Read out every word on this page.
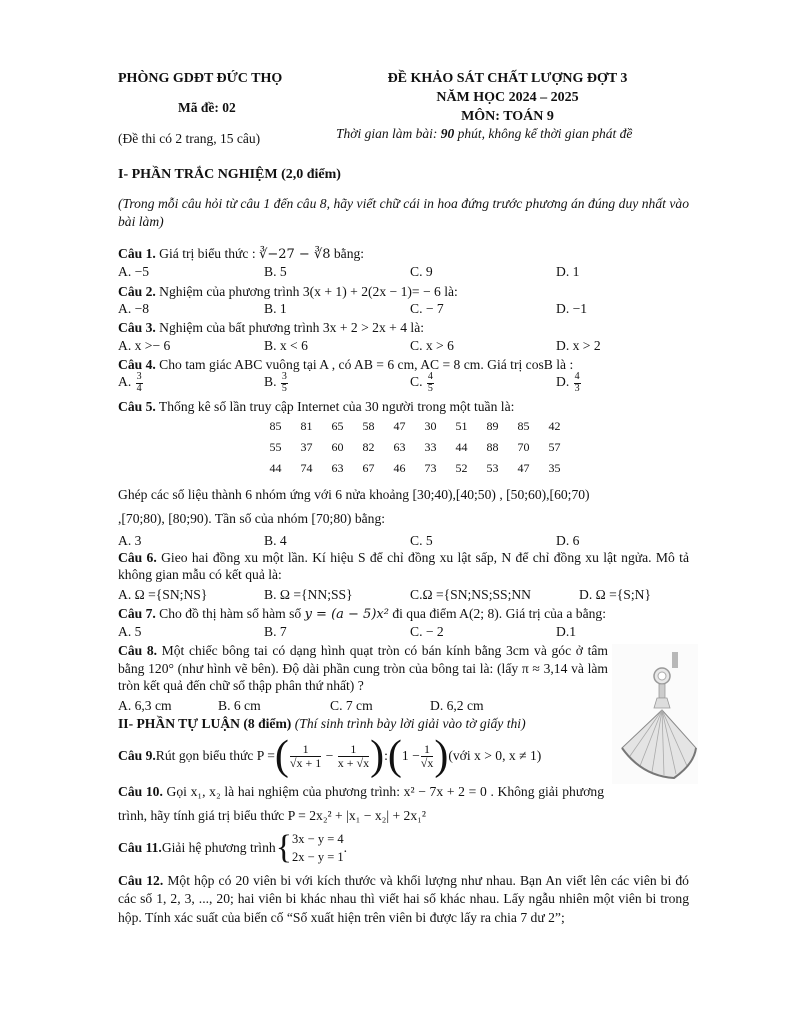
PHÒNG GDĐT ĐỨC THỌ
Mã đề: 02
(Đề thi có 2 trang, 15 câu)
ĐỀ KHẢO SÁT CHẤT LƯỢNG ĐỢT 3
NĂM HỌC 2024 – 2025
MÔN: TOÁN 9
Thời gian làm bài: 90 phút, không kể thời gian phát đề
I- PHẦN TRẮC NGHIỆM (2,0 điểm)
(Trong mỗi câu hỏi từ câu 1 đến câu 8, hãy viết chữ cái in hoa đứng trước phương án đúng duy nhất vào bài làm)
Câu 1. Giá trị biểu thức : ∛−27 − ∛8 bằng:
A. −5	B. 5	C. 9	D. 1
Câu 2. Nghiệm của phương trình 3(x + 1) + 2(2x − 1)= − 6 là:
A. −8	B. 1	C. − 7	D. −1
Câu 3. Nghiệm của bất phương trình 3x + 2 > 2x + 4 là:
A. x >− 6	B. x < 6	C. x > 6	D. x > 2
Câu 4. Cho tam giác ABC vuông tại A , có AB = 6 cm, AC = 8 cm. Giá trị cosB là :
A. $\frac{3}{4}$	B. $\frac{3}{5}$	C. $\frac{4}{5}$	D. $\frac{4}{3}$
Câu 5. Thống kê số lần truy cập Internet của 30 người trong một tuần là:
85	81	65	58	47	30	51	89	85	42
55	37	60	82	63	33	44	88	70	57
44	74	63	67	46	73	52	53	47	35
Ghép các số liệu thành 6 nhóm ứng với 6 nửa khoảng [30;40),[40;50) , [50;60),[60;70)
,[70;80), [80;90). Tần số của nhóm [70;80) bằng:
A. 3	B. 4	C. 5	D. 6
Câu 6. Gieo hai đồng xu một lần. Kí hiệu S để chỉ đồng xu lật sấp, N để chỉ đồng xu lật ngửa. Mô tả không gian mẫu có kết quả là:
A. Ω ={SN;NS}	B. Ω ={NN;SS}	C.Ω ={SN;NS;SS;NN	D. Ω ={S;N}
Câu 7. Cho đồ thị hàm số hàm số y = (a − 5)x² đi qua điểm A(2; 8). Giá trị của a bằng:
A. 5	B. 7	C. − 2	D.1
Câu 8. Một chiếc bông tai có dạng hình quạt tròn có bán kính bằng 3cm và góc ở tâm bằng 120° (như hình vẽ bên). Độ dài phần cung tròn của bông tai là: (lấy π ≈ 3,14 và làm tròn kết quả đến chữ số thập phân thứ nhất) ?
A. 6,3 cm	B. 6 cm	C. 7 cm	D. 6,2 cm
II- PHẦN TỰ LUẬN (8 điểm) (Thí sinh trình bày lời giải vào tờ giấy thi)
Câu 9. Rút gọn biểu thức P = ( $\frac{1}{√x + 1} - \frac{1}{x + √x}$ ) : ( $1 - \frac{1}{√x}$ ) (với x > 0, x ≠ 1)
Câu 10. Gọi x₁, x₂ là hai nghiệm của phương trình: x² − 7x + 2 = 0 . Không giải phương trình, hãy tính giá trị biểu thức P = 2x₂² + |x₁ − x₂| + 2x₁²
Câu 11. Giải hệ phương trình { 3x − y = 4
2x − y = 1
.
Câu 12. Một hộp có 20 viên bi với kích thước và khối lượng như nhau. Bạn An viết lên các viên bi đó các số 1, 2, 3, ..., 20; hai viên bi khác nhau thì viết hai số khác nhau. Lấy ngẫu nhiên một viên bi trong hộp. Tính xác suất của biến cố “Số xuất hiện trên viên bi được lấy ra chia 7 dư 2”;
